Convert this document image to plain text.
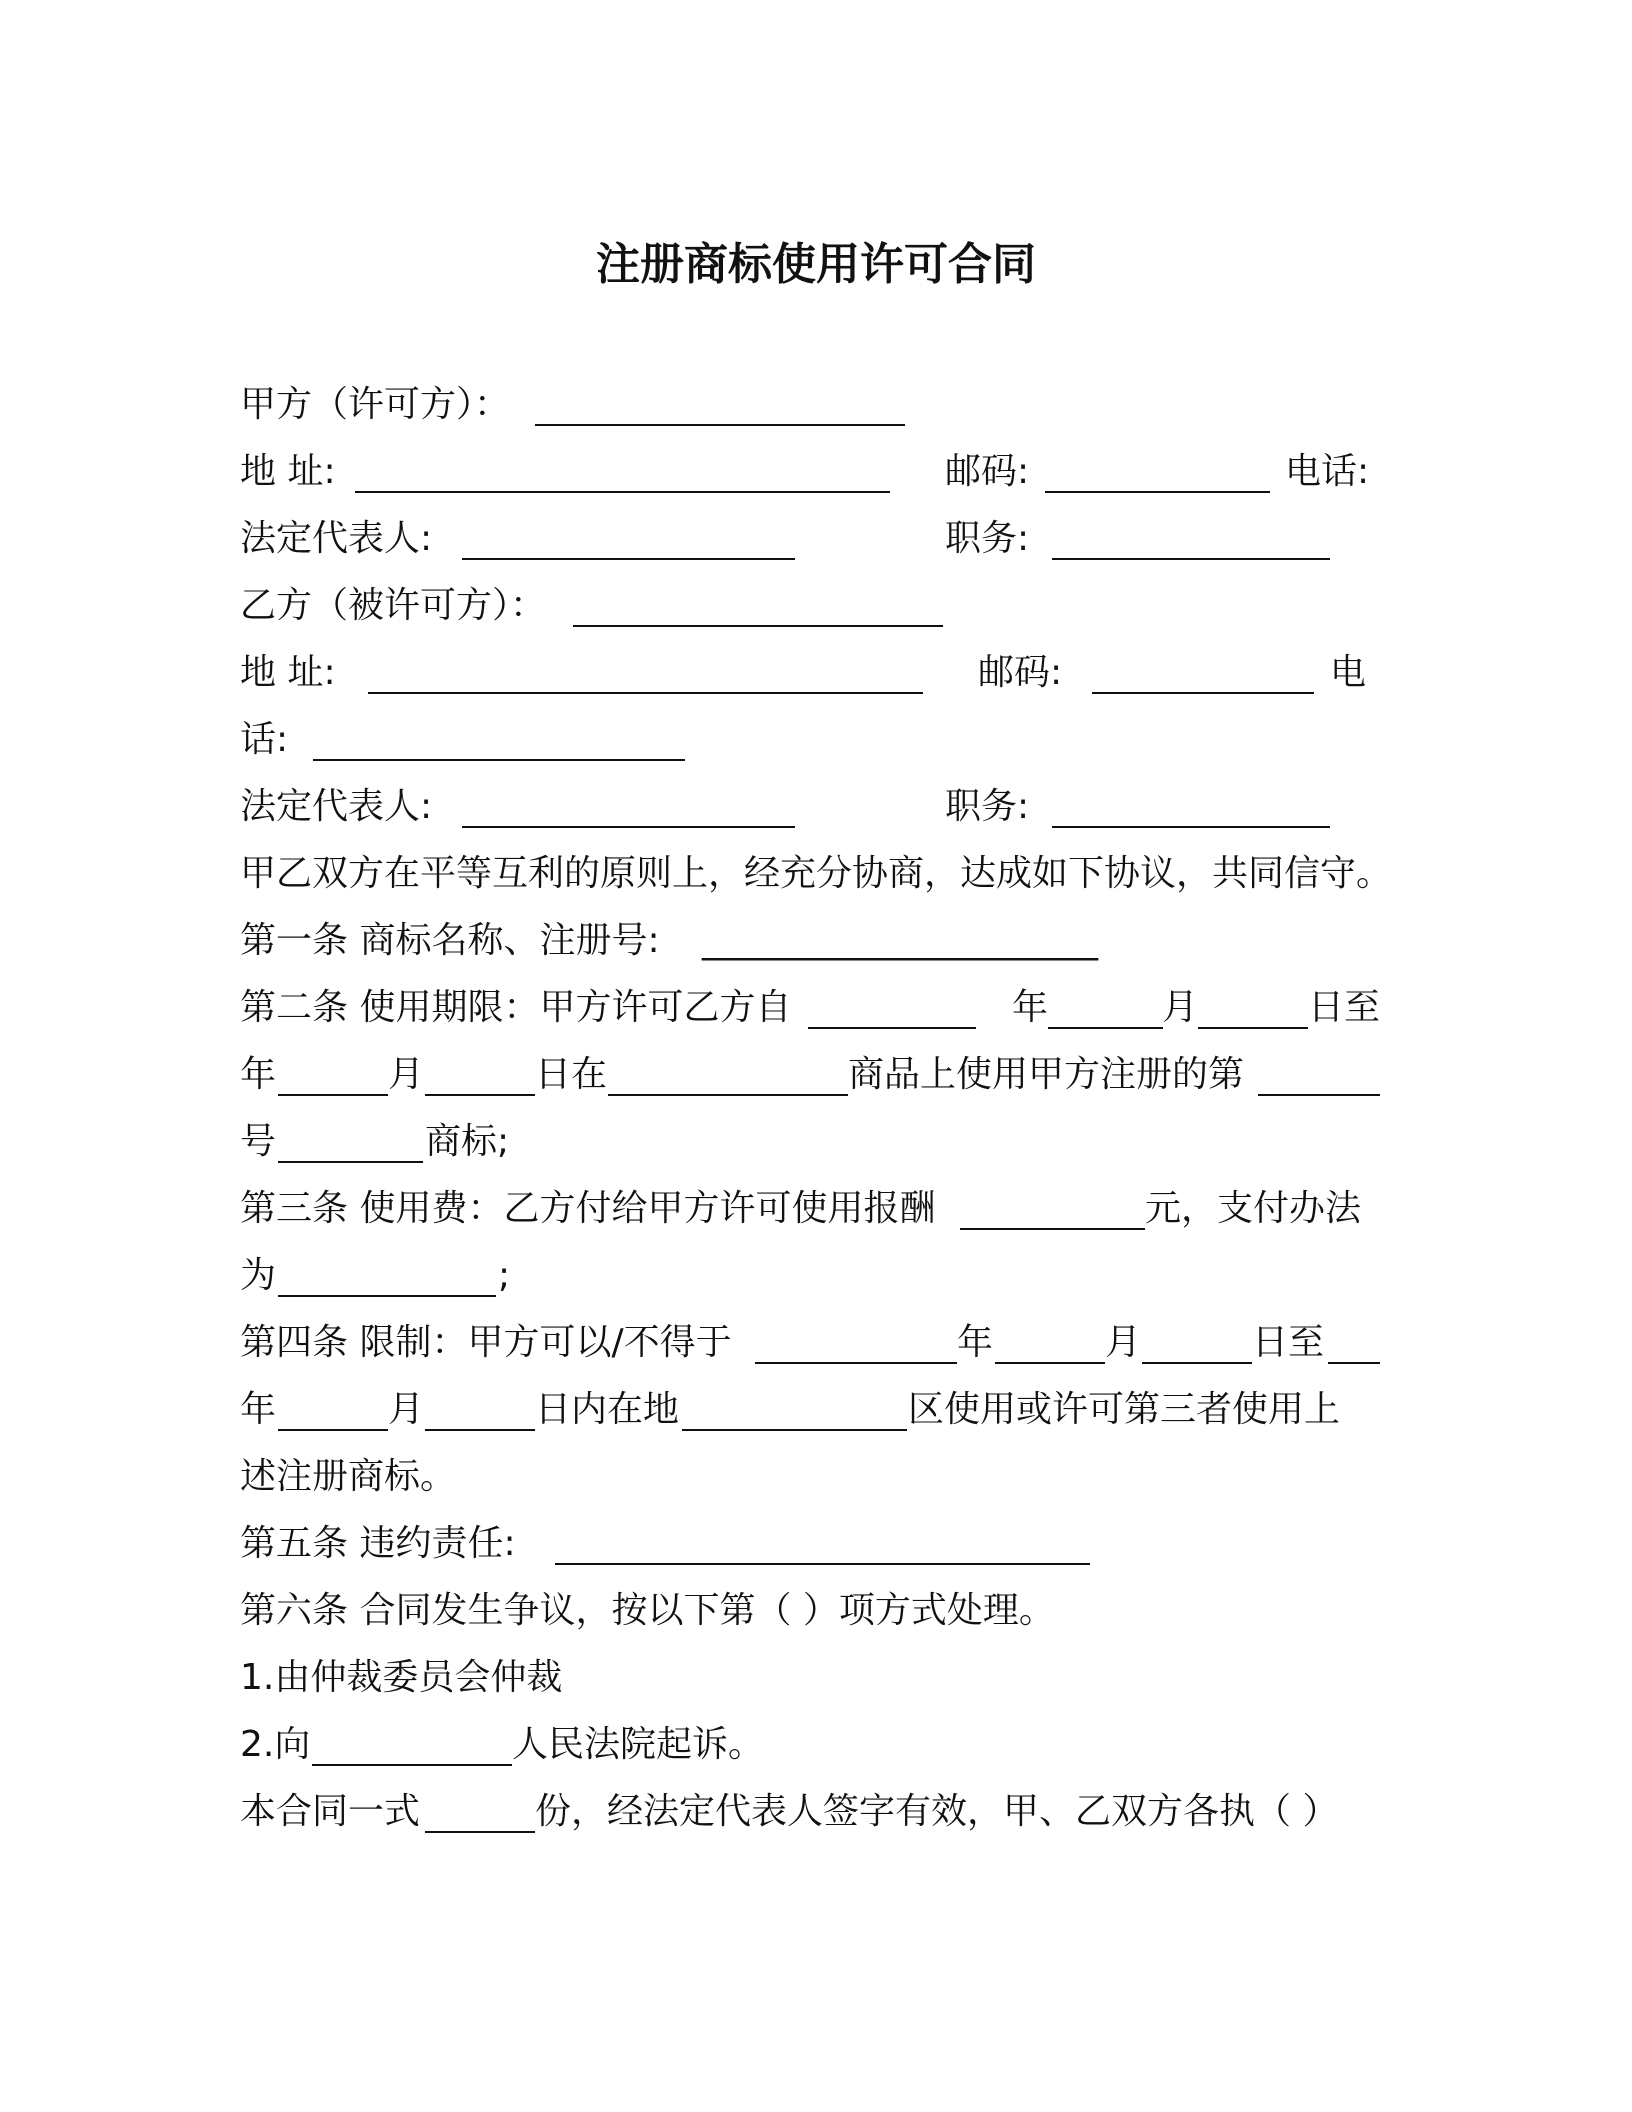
注册商标使用许可合同
甲方（许可方）：
地 址:	邮码:	电话:
法定代表人:	职务:
乙方（被许可方）：
地 址:	邮码:	电
话:
法定代表人:	职务:
甲乙双方在平等互利的原则上，经充分协商，达成如下协议，共同信守。
第一条 商标名称、注册号: ______________________
第二条 使用期限：甲方许可乙方自	年	月	日至
年	月	日在	商品上使用甲方注册的第
号	商标;
第三条 使用费：乙方付给甲方许可使用报酬	元，支付办法
为	;
第四条 限制：甲方可以/不得于	年	月	日至
年	月	日内在地	区使用或许可第三者使用上
述注册商标。
第五条 违约责任:
第六条 合同发生争议，按以下第（ ）项方式处理。
1.由仲裁委员会仲裁
2.向	人民法院起诉。
本合同一式	份，经法定代表人签字有效，甲、乙双方各执（ ）
